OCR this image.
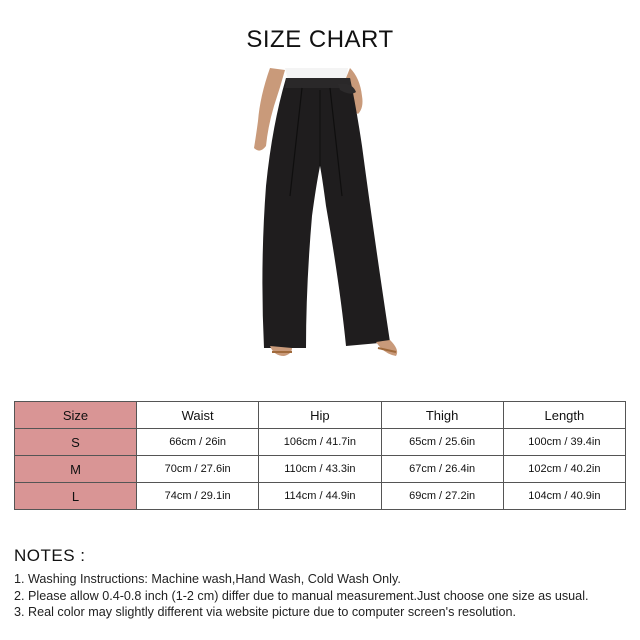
SIZE CHART
Size	Waist	Hip	Thigh	Length
S	66cm / 26in	106cm / 41.7in	65cm / 25.6in	100cm / 39.4in
M	70cm / 27.6in	110cm / 43.3in	67cm / 26.4in	102cm / 40.2in
L	74cm / 29.1in	114cm / 44.9in	69cm / 27.2in	104cm / 40.9in
NOTES :
1. Washing Instructions: Machine wash,Hand Wash, Cold Wash Only.
2. Please allow 0.4-0.8 inch (1-2 cm) differ due to manual measurement.Just choose one size as usual.
3. Real color may slightly different via website picture due to computer screen's resolution.
